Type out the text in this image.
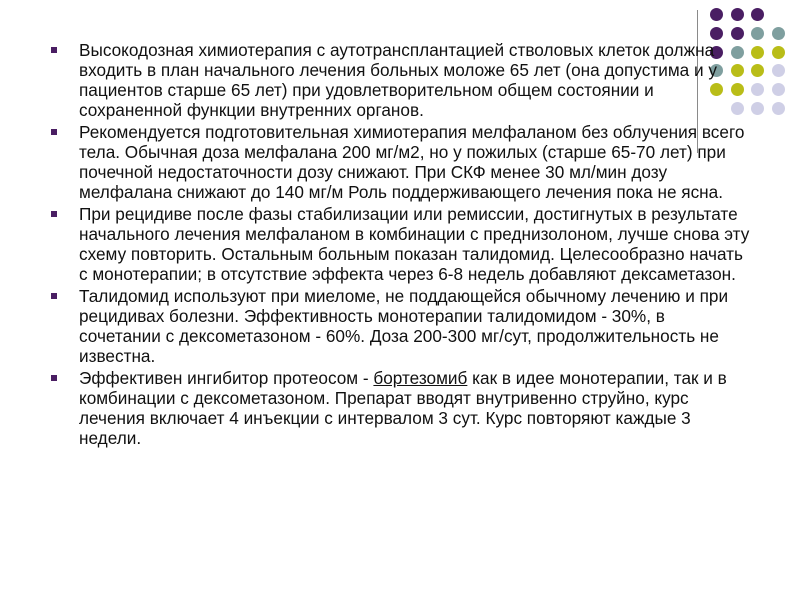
Высокодозная химиотерапия с аутотрансплантацией стволовых клеток должна входить в план начального лечения больных моложе 65 лет (она допустима и у пациентов старше 65 лет) при удовлетворительном общем состоянии и сохраненной функции внутренних органов.
Рекомендуется подготовительная химиотерапия мелфаланом без облучения всего тела. Обычная доза мелфалана 200 мг/м2, но у пожилых (старше 65-70 лет) при почечной недостаточности дозу снижают. При СКФ менее 30 мл/мин дозу мелфалана снижают до 140 мг/м Роль поддерживающего лечения пока не ясна.
При рецидиве после фазы стабилизации или ремиссии, достигнутых в результате начального лечения мелфаланом в комбинации с преднизолоном, лучше снова эту схему повторить. Остальным больным показан талидомид. Целесообразно начать с монотерапии; в отсутствие эффекта через 6-8 недель добавляют дексаметазон.
Талидомид используют при миеломе, не поддающейся обычному лечению и при рецидивах болезни. Эффективность монотерапии талидомидом - 30%, в сочетании с дексометазоном - 60%. Доза 200-300 мг/сут, продолжительность не известна.
Эффективен ингибитор протеосом - бортезомиб как в идее монотерапии, так и в комбинации с дексометазоном. Препарат вводят внутривенно струйно, курс лечения включает 4 инъекции с интервалом 3 сут. Курс повторяют каждые 3 недели.
